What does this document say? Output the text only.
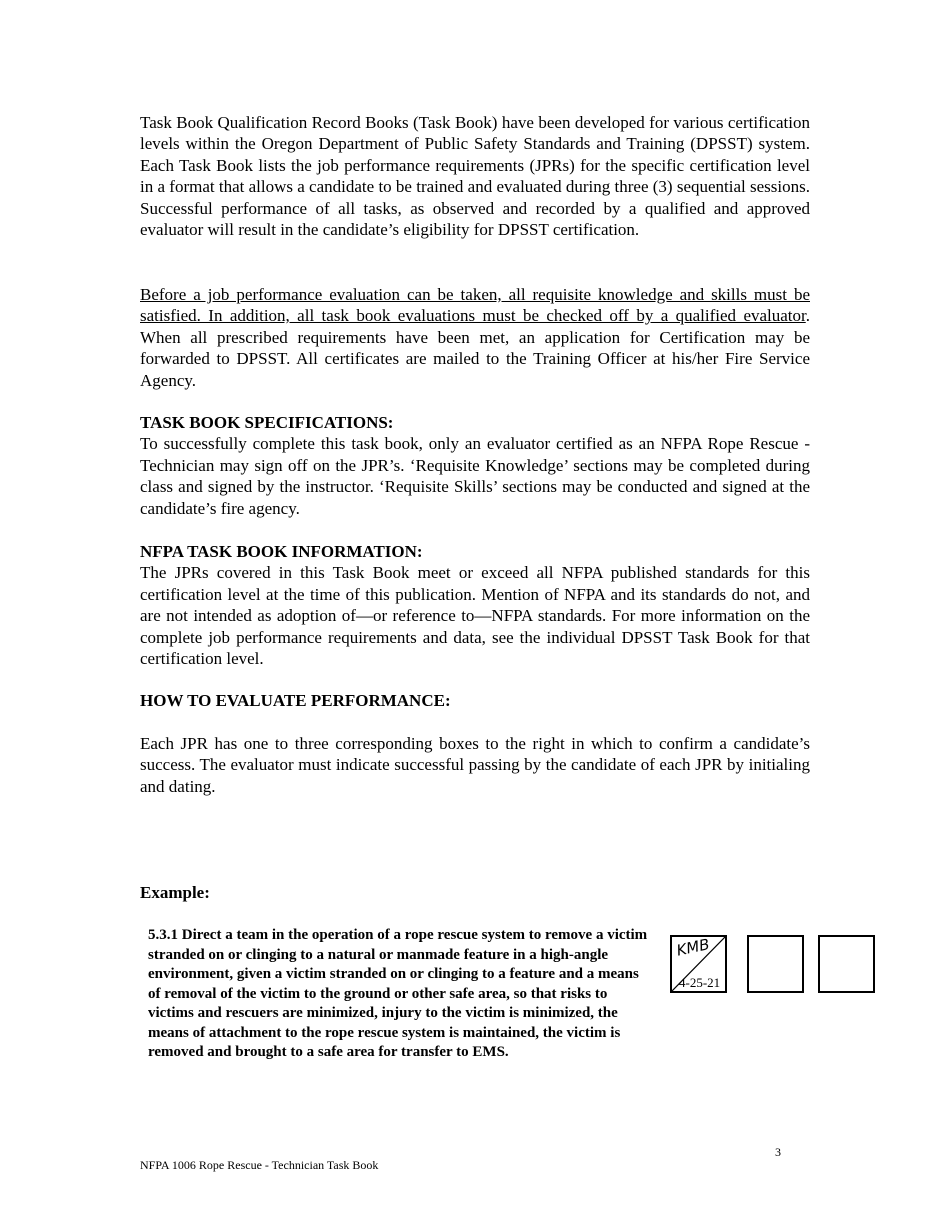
Task Book Qualification Record Books (Task Book) have been developed for various certification levels within the Oregon Department of Public Safety Standards and Training (DPSST) system. Each Task Book lists the job performance requirements (JPRs) for the specific certification level in a format that allows a candidate to be trained and evaluated during three (3) sequential sessions. Successful performance of all tasks, as observed and recorded by a qualified and approved evaluator will result in the candidate’s eligibility for DPSST certification.

Before a job performance evaluation can be taken, all requisite knowledge and skills must be satisfied. In addition, all task book evaluations must be checked off by a qualified evaluator. When all prescribed requirements have been met, an application for Certification may be forwarded to DPSST. All certificates are mailed to the Training Officer at his/her Fire Service Agency.

TASK BOOK SPECIFICATIONS:
To successfully complete this task book, only an evaluator certified as an NFPA Rope Rescue - Technician may sign off on the JPR’s. ‘Requisite Knowledge’ sections may be completed during class and signed by the instructor. ‘Requisite Skills’ sections may be conducted and signed at the candidate’s fire agency.
NFPA TASK BOOK INFORMATION:
The JPRs covered in this Task Book meet or exceed all NFPA published standards for this certification level at the time of this publication. Mention of NFPA and its standards do not, and are not intended as adoption of—or reference to—NFPA standards. For more information on the complete job performance requirements and data, see the individual DPSST Task Book for that certification level.

HOW TO EVALUATE PERFORMANCE:

Each JPR has one to three corresponding boxes to the right in which to confirm a candidate’s success. The evaluator must indicate successful passing by the candidate of each JPR by initialing and dating.

Example:

5.3.1 Direct a team in the operation of a rope rescue system to remove a victim stranded on or clinging to a natural or manmade feature in a high-angle environment, given a victim stranded on or clinging to a feature and a means of removal of the victim to the ground or other safe area, so that risks to victims and rescuers are minimized, injury to the victim is minimized, the means of attachment to the rope rescue system is maintained, the victim is removed and brought to a safe area for transfer to EMS.

KMB
4-25-21

3

NFPA 1006 Rope Rescue - Technician Task Book
